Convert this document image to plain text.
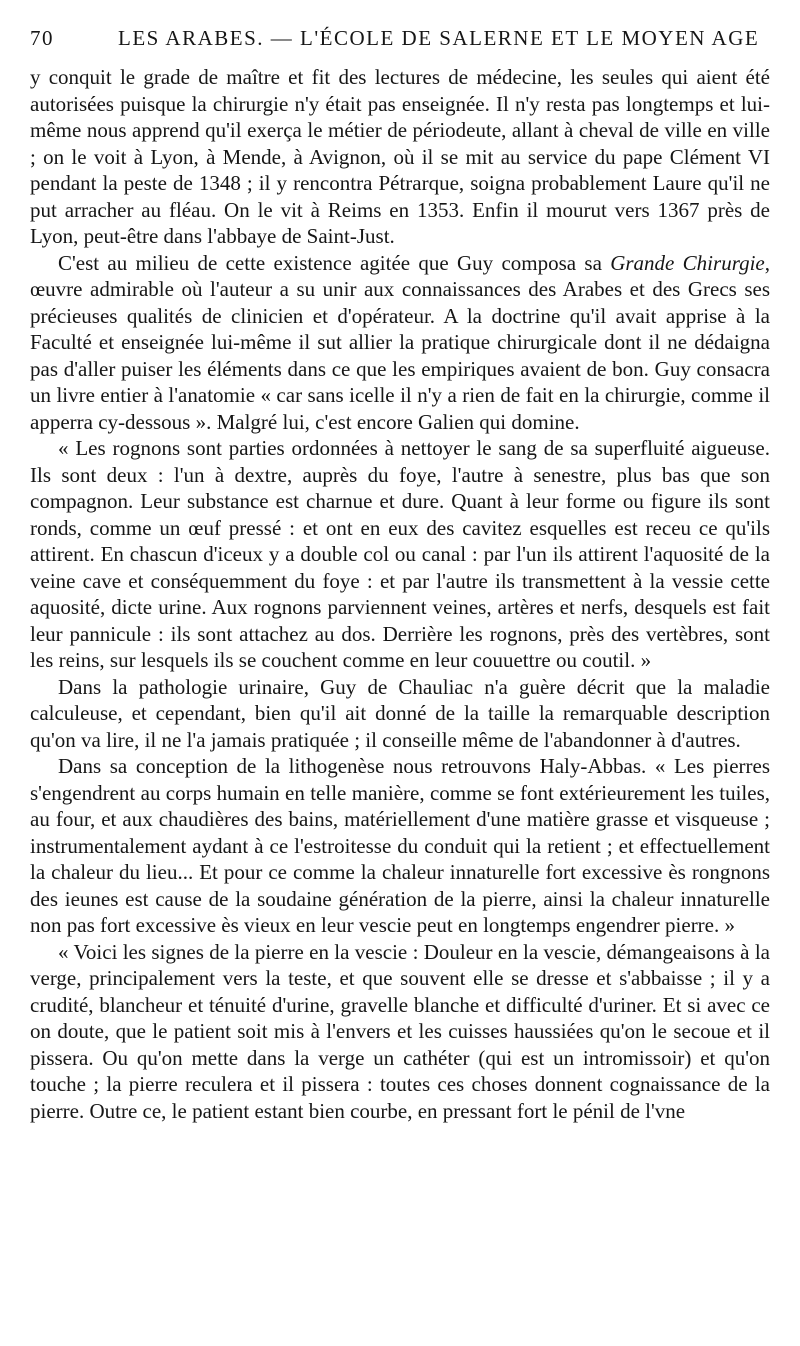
70	LES ARABES. — L'ÉCOLE DE SALERNE ET LE MOYEN AGE

y conquit le grade de maître et fit des lectures de médecine, les seules qui aient été autorisées puisque la chirurgie n'y était pas enseignée. Il n'y resta pas longtemps et lui-même nous apprend qu'il exerça le métier de périodeute, allant à cheval de ville en ville ; on le voit à Lyon, à Mende, à Avignon, où il se mit au service du pape Clément VI pendant la peste de 1348 ; il y rencontra Pétrarque, soigna probablement Laure qu'il ne put arracher au fléau. On le vit à Reims en 1353. Enfin il mourut vers 1367 près de Lyon, peut-être dans l'abbaye de Saint-Just.

C'est au milieu de cette existence agitée que Guy composa sa Grande Chirurgie, œuvre admirable où l'auteur a su unir aux connaissances des Arabes et des Grecs ses précieuses qualités de clinicien et d'opérateur. A la doctrine qu'il avait apprise à la Faculté et enseignée lui-même il sut allier la pratique chirurgicale dont il ne dédaigna pas d'aller puiser les éléments dans ce que les empiriques avaient de bon. Guy consacra un livre entier à l'anatomie « car sans icelle il n'y a rien de fait en la chirurgie, comme il apperra cy-dessous ». Malgré lui, c'est encore Galien qui domine.

« Les rognons sont parties ordonnées à nettoyer le sang de sa superfluité aigueuse. Ils sont deux : l'un à dextre, auprès du foye, l'autre à senestre, plus bas que son compagnon. Leur substance est charnue et dure. Quant à leur forme ou figure ils sont ronds, comme un œuf pressé : et ont en eux des cavitez esquelles est receu ce qu'ils attirent. En chascun d'iceux y a double col ou canal : par l'un ils attirent l'aquosité de la veine cave et conséquemment du foye : et par l'autre ils transmettent à la vessie cette aquosité, dicte urine. Aux rognons parviennent veines, artères et nerfs, desquels est fait leur pannicule : ils sont attachez au dos. Derrière les rognons, près des vertèbres, sont les reins, sur lesquels ils se couchent comme en leur couuettre ou coutil. »

Dans la pathologie urinaire, Guy de Chauliac n'a guère décrit que la maladie calculeuse, et cependant, bien qu'il ait donné de la taille la remarquable description qu'on va lire, il ne l'a jamais pratiquée ; il conseille même de l'abandonner à d'autres.

Dans sa conception de la lithogenèse nous retrouvons Haly-Abbas. « Les pierres s'engendrent au corps humain en telle manière, comme se font extérieurement les tuiles, au four, et aux chaudières des bains, matériellement d'une matière grasse et visqueuse ; instrumentalement aydant à ce l'estroitesse du conduit qui la retient ; et effectuellement la chaleur du lieu... Et pour ce comme la chaleur innaturelle fort excessive ès rongnons des ieunes est cause de la soudaine génération de la pierre, ainsi la chaleur innaturelle non pas fort excessive ès vieux en leur vescie peut en longtemps engendrer pierre. »

« Voici les signes de la pierre en la vescie : Douleur en la vescie, démangeaisons à la verge, principalement vers la teste, et que souvent elle se dresse et s'abbaisse ; il y a crudité, blancheur et ténuité d'urine, gravelle blanche et difficulté d'uriner. Et si avec ce on doute, que le patient soit mis à l'envers et les cuisses haussiées qu'on le secoue et il pissera. Ou qu'on mette dans la verge un cathéter (qui est un intromissoir) et qu'on touche ; la pierre reculera et il pissera : toutes ces choses donnent cognaissance de la pierre. Outre ce, le patient estant bien courbe, en pressant fort le pénil de l'vne
